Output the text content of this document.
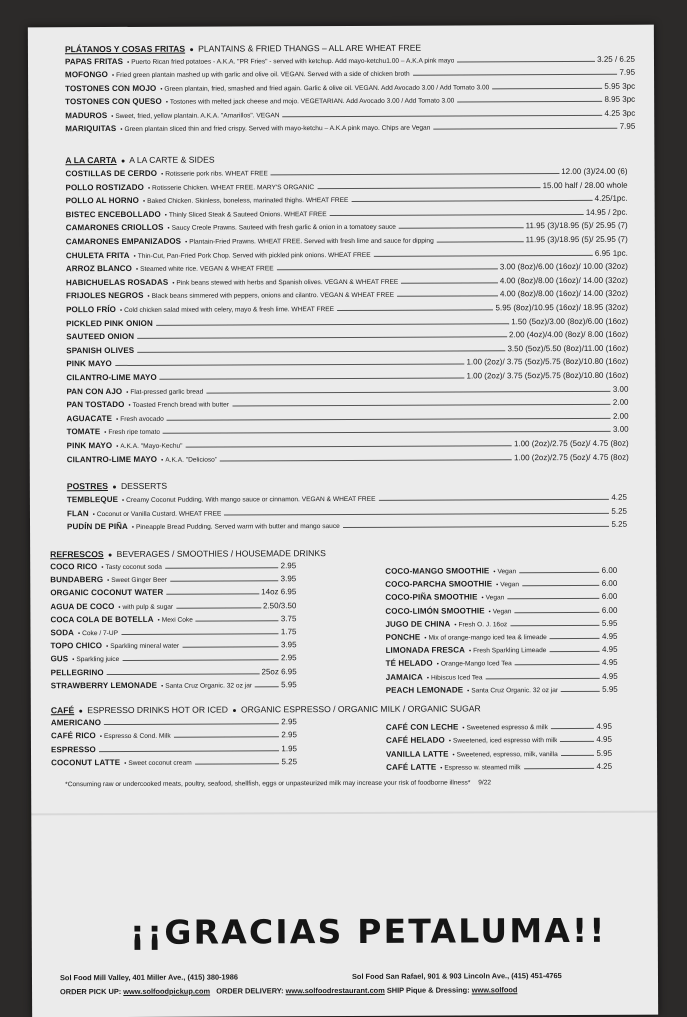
PLÁTANOS Y COSAS FRITAS ● PLANTAINS & FRIED THANGS – ALL ARE WHEAT FREE
PAPAS FRITAS • Puerto Rican fried potatoes - A.K.A. "PR Fries" - served with ketchup. Add mayo-ketchu1.00 – A.K.A pink mayo	3.25 / 6.25
MOFONGO • Fried green plantain mashed up with garlic and olive oil. VEGAN. Served with a side of chicken broth	7.95
TOSTONES CON MOJO • Green plantain, fried, smashed and fried again. Garlic & olive oil. VEGAN. Add Avocado 3.00 / Add Tomato 3.00	5.95 3pc
TOSTONES CON QUESO • Tostones with melted jack cheese and mojo. VEGETARIAN. Add Avocado 3.00 / Add Tomato 3.00	8.95 3pc
MADUROS • Sweet, fried, yellow plantain. A.K.A. "Amarillos". VEGAN	4.25 3pc
MARIQUITAS • Green plantain sliced thin and fried crispy. Served with mayo-ketchu – A.K.A pink mayo. Chips are Vegan	7.95
A LA CARTA ● A LA CARTE & SIDES
COSTILLAS DE CERDO • Rotisserie pork ribs. WHEAT FREE	12.00 (3)/24.00 (6)
POLLO ROSTIZADO • Rotisserie Chicken. WHEAT FREE. MARY'S ORGANIC	15.00 half / 28.00 whole
POLLO AL HORNO • Baked Chicken. Skinless, boneless, marinated thighs. WHEAT FREE	4.25/1pc.
BISTEC ENCEBOLLADO • Thinly Sliced Steak & Sauteed Onions. WHEAT FREE	14.95 / 2pc.
CAMARONES CRIOLLOS • Saucy Creole Prawns. Sauteed with fresh garlic & onion in a tomatoey sauce	11.95 (3)/18.95 (5)/ 25.95 (7)
CAMARONES EMPANIZADOS • Plantain-Fried Prawns. WHEAT FREE. Served with fresh lime and sauce for dipping	11.95 (3)/18.95 (5)/ 25.95 (7)
CHULETA FRITA • Thin-Cut, Pan-Fried Pork Chop. Served with pickled pink onions. WHEAT FREE	6.95 1pc.
ARROZ BLANCO • Steamed white rice. VEGAN & WHEAT FREE	3.00 (8oz)/6.00 (16oz)/ 10.00 (32oz)
HABICHUELAS ROSADAS • Pink beans stewed with herbs and Spanish olives. VEGAN & WHEAT FREE	4.00 (8oz)/8.00 (16oz)/ 14.00 (32oz)
FRIJOLES NEGROS • Black beans simmered with peppers, onions and cilantro. VEGAN & WHEAT FREE	4.00 (8oz)/8.00 (16oz)/ 14.00 (32oz)
POLLO FRÍO • Cold chicken salad mixed with celery, mayo & fresh lime. WHEAT FREE	5.95 (8oz)/10.95 (16oz)/ 18.95 (32oz)
PICKLED PINK ONION	1.50 (5oz)/3.00 (8oz)/6.00 (16oz)
SAUTEED ONION	2.00 (4oz)/4.00 (8oz)/ 8.00 (16oz)
SPANISH OLIVES	3.50 (5oz)/5.50 (8oz)/11.00 (16oz)
PINK MAYO	1.00 (2oz)/ 3.75 (5oz)/5.75 (8oz)/10.80 (16oz)
CILANTRO-LIME MAYO	1.00 (2oz)/ 3.75 (5oz)/5.75 (8oz)/10.80 (16oz)
PAN CON AJO • Flat-pressed garlic bread	3.00
PAN TOSTADO • Toasted French bread with butter	2.00
AGUACATE • Fresh avocado	2.00
TOMATE • Fresh ripe tomato	3.00
PINK MAYO • A.K.A. "Mayo-Kechu"	1.00 (2oz)/2.75 (5oz)/ 4.75 (8oz)
CILANTRO-LIME MAYO • A.K.A. "Delicioso"	1.00 (2oz)/2.75 (5oz)/ 4.75 (8oz)
POSTRES ● DESSERTS
TEMBLEQUE • Creamy Coconut Pudding. With mango sauce or cinnamon. VEGAN & WHEAT FREE	4.25
FLAN • Coconut or Vanilla Custard. WHEAT FREE	5.25
PUDÍN DE PIÑA • Pineapple Bread Pudding. Served warm with butter and mango sauce	5.25
REFRESCOS ● BEVERAGES / SMOOTHIES / HOUSEMADE DRINKS
COCO RICO • Tasty coconut soda	2.95
BUNDABERG • Sweet Ginger Beer	3.95
ORGANIC COCONUT WATER	14oz 6.95
AGUA DE COCO • with pulp & sugar	2.50/3.50
COCA COLA DE BOTELLA • Mexi Coke	3.75
SODA • Coke / 7-UP	1.75
TOPO CHICO • Sparkling mineral water	3.95
GUS • Sparkling juice	2.95
PELLEGRINO	25oz 6.95
STRAWBERRY LEMONADE • Santa Cruz Organic. 32 oz jar	5.95
COCO-MANGO SMOOTHIE • Vegan	6.00
COCO-PARCHA SMOOTHIE • Vegan	6.00
COCO-PIÑA SMOOTHIE • Vegan	6.00
COCO-LIMÓN SMOOTHIE • Vegan	6.00
JUGO DE CHINA • Fresh O. J. 16oz	5.95
PONCHE • Mix of orange-mango iced tea & limeade	4.95
LIMONADA FRESCA • Fresh Sparkling Limeade	4.95
TÉ HELADO • Orange-Mango Iced Tea	4.95
JAMAICA • Hibiscus Iced Tea	4.95
PEACH LEMONADE • Santa Cruz Organic. 32 oz jar	5.95
CAFÉ ● ESPRESSO DRINKS HOT OR ICED ● ORGANIC ESPRESSO / ORGANIC MILK / ORGANIC SUGAR
AMERICANO	2.95
CAFÉ RICO • Espresso & Cond. Milk	2.95
ESPRESSO	1.95
COCONUT LATTE • Sweet coconut cream	5.25
CAFÉ CON LECHE • Sweetened espresso & milk	4.95
CAFÉ HELADO • Sweetened, iced espresso with milk	4.95
VANILLA LATTE • Sweetened, espresso, milk, vanilla	5.95
CAFÉ LATTE • Espresso w. steamed milk	4.25
*Consuming raw or undercooked meats, poultry, seafood, shellfish, eggs or unpasteurized milk may increase your risk of foodborne illness* 9/22
¡¡GRACIAS PETALUMA!!
Sol Food Mill Valley, 401 Miller Ave., (415) 380-1986	Sol Food San Rafael, 901 & 903 Lincoln Ave., (415) 451-4765
ORDER PICK UP: www.solfoodpickup.com ORDER DELIVERY: www.solfoodrestaurant.com SHIP Pique & Dressing: www.solfood
